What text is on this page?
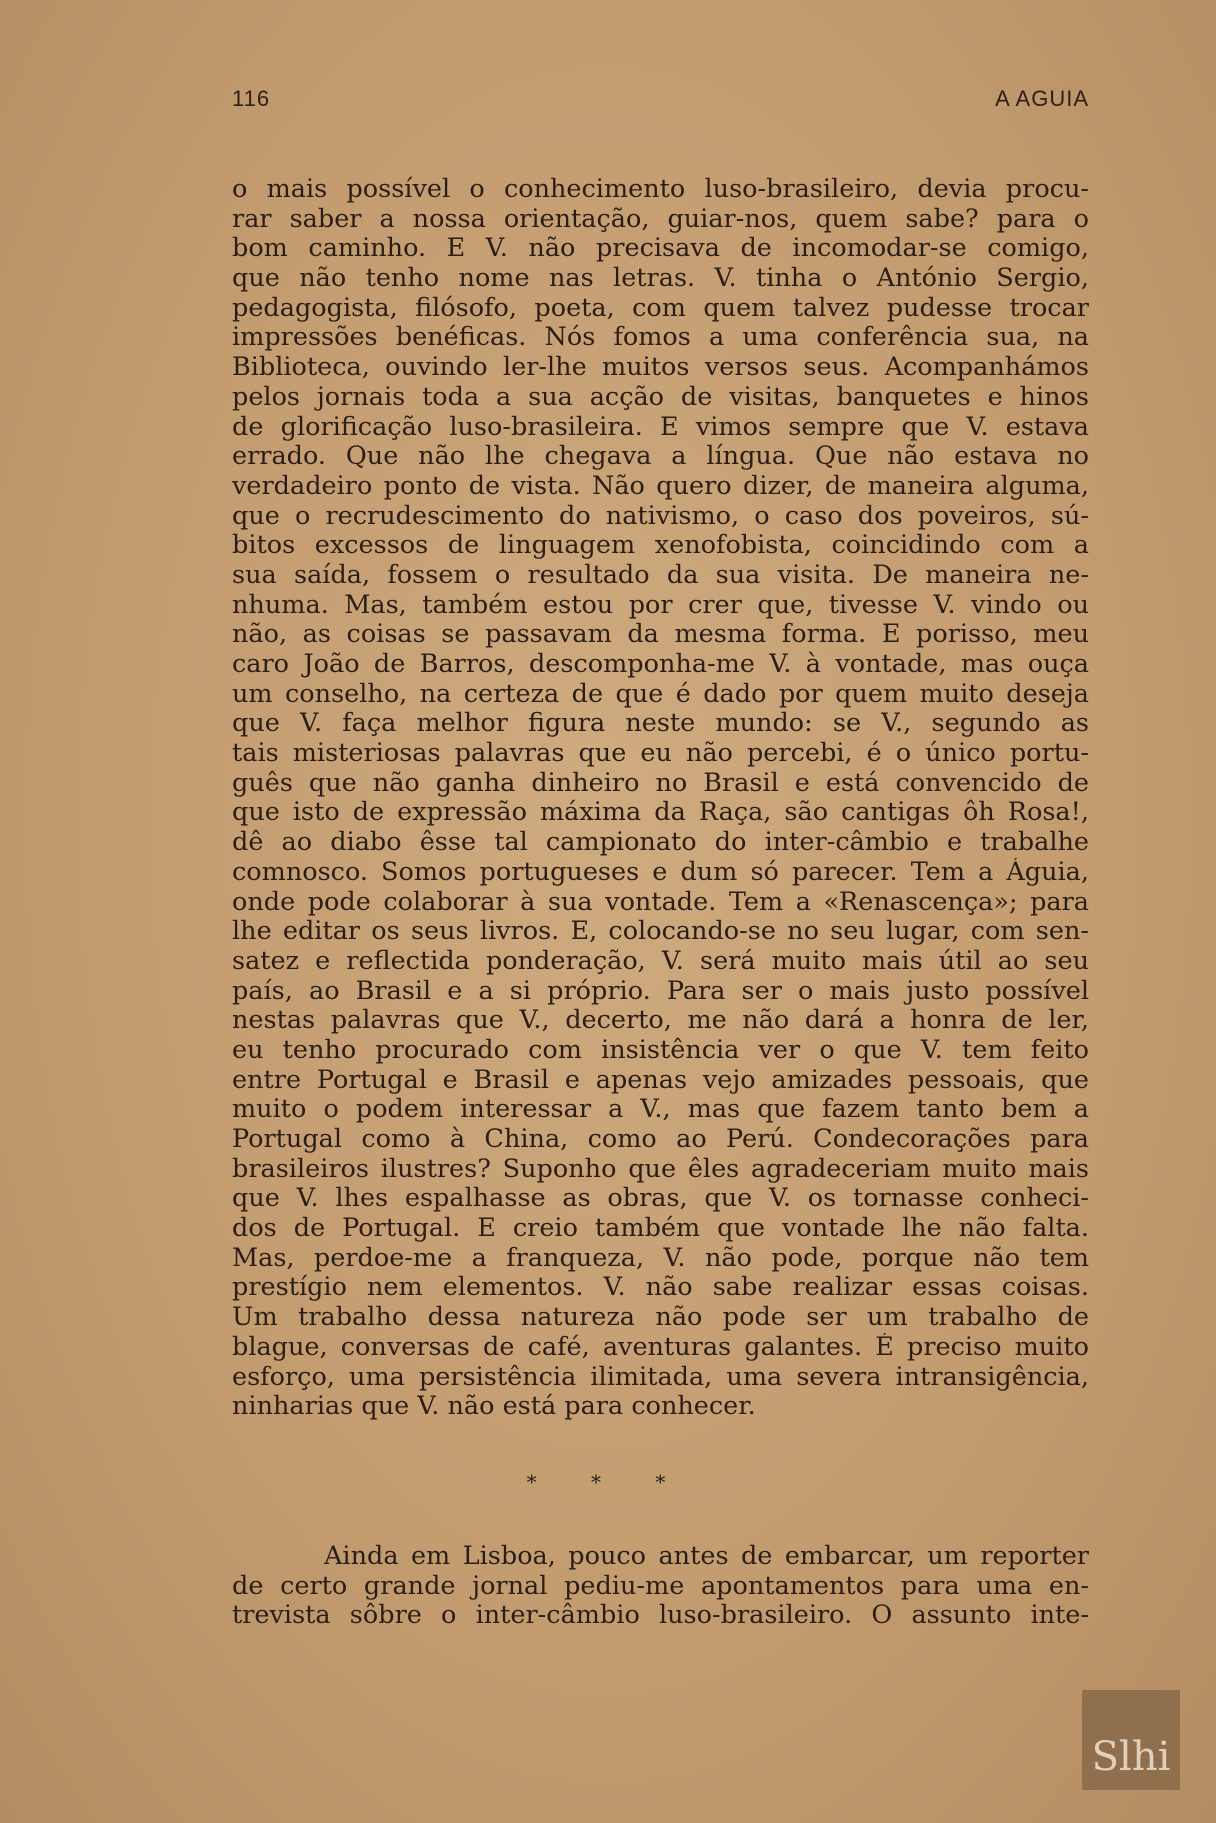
116	A AGUIA
o mais possível o conhecimento luso-brasileiro, devia procu-
rar saber a nossa orientação, guiar-nos, quem sabe? para o
bom caminho. E V. não precisava de incomodar-se comigo,
que não tenho nome nas letras. V. tinha o António Sergio,
pedagogista, filósofo, poeta, com quem talvez pudesse trocar
impressões benéficas. Nós fomos a uma conferência sua, na
Biblioteca, ouvindo ler-lhe muitos versos seus. Acompanhámos
pelos jornais toda a sua acção de visitas, banquetes e hinos
de glorificação luso-brasileira. E vimos sempre que V. estava
errado. Que não lhe chegava a língua. Que não estava no
verdadeiro ponto de vista. Não quero dizer, de maneira alguma,
que o recrudescimento do nativismo, o caso dos poveiros, sú-
bitos excessos de linguagem xenofobista, coincidindo com a
sua saída, fossem o resultado da sua visita. De maneira ne-
nhuma. Mas, também estou por crer que, tivesse V. vindo ou
não, as coisas se passavam da mesma forma. E porisso, meu
caro João de Barros, descomponha-me V. à vontade, mas ouça
um conselho, na certeza de que é dado por quem muito deseja
que V. faça melhor figura neste mundo: se V., segundo as
tais misteriosas palavras que eu não percebi, é o único portu-
guês que não ganha dinheiro no Brasil e está convencido de
que isto de expressão máxima da Raça, são cantigas ôh Rosa!,
dê ao diabo êsse tal campionato do inter-câmbio e trabalhe
comnosco. Somos portugueses e dum só parecer. Tem a Águia,
onde pode colaborar à sua vontade. Tem a «Renascença»; para
lhe editar os seus livros. E, colocando-se no seu lugar, com sen-
satez e reflectida ponderação, V. será muito mais útil ao seu
país, ao Brasil e a si próprio. Para ser o mais justo possível
nestas palavras que V., decerto, me não dará a honra de ler,
eu tenho procurado com insistência ver o que V. tem feito
entre Portugal e Brasil e apenas vejo amizades pessoais, que
muito o podem interessar a V., mas que fazem tanto bem a
Portugal como à China, como ao Perú. Condecorações para
brasileiros ilustres? Suponho que êles agradeceriam muito mais
que V. lhes espalhasse as obras, que V. os tornasse conheci-
dos de Portugal. E creio também que vontade lhe não falta.
Mas, perdoe-me a franqueza, V. não pode, porque não tem
prestígio nem elementos. V. não sabe realizar essas coisas.
Um trabalho dessa natureza não pode ser um trabalho de
blague, conversas de café, aventuras galantes. É preciso muito
esforço, uma persistência ilimitada, uma severa intransigência,
ninharias que V. não está para conhecer.
* * *
Ainda em Lisboa, pouco antes de embarcar, um reporter
de certo grande jornal pediu-me apontamentos para uma en-
trevista sôbre o inter-câmbio luso-brasileiro. O assunto inte-
Slhi
